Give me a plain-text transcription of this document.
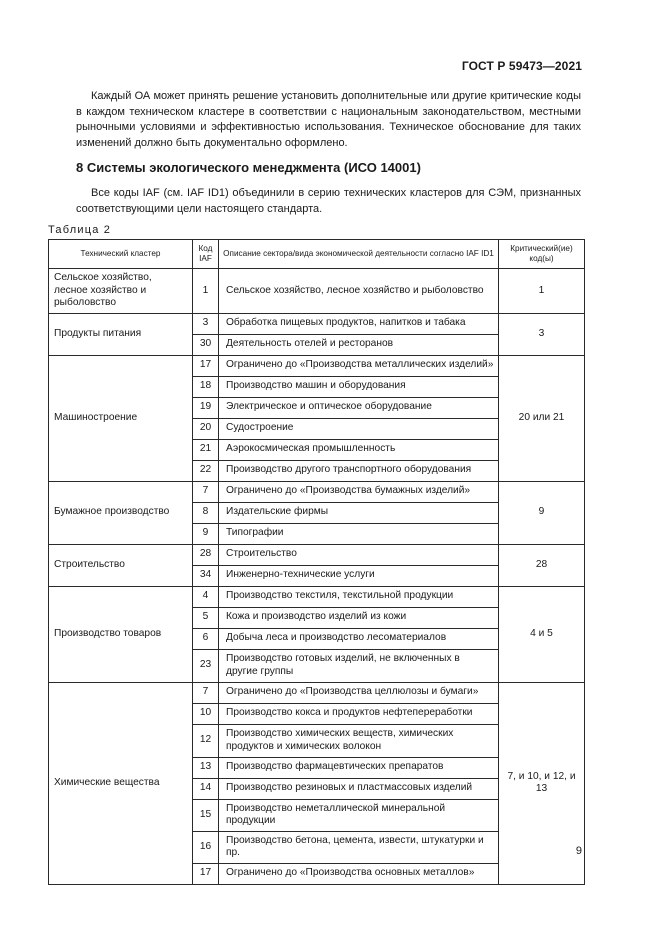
ГОСТ Р 59473—2021
Каждый ОА может принять решение установить дополнительные или другие критические коды в каждом техническом кластере в соответствии с национальным законодательством, местными рыночными условиями и эффективностью использования. Техническое обоснование для таких изменений должно быть документально оформлено.
8 Системы экологического менеджмента (ИСО 14001)
Все коды IAF (см. IAF ID1) объединили в серию технических кластеров для СЭМ, признанных соответствующими цели настоящего стандарта.
Таблица 2
Технический кластер	Код IAF	Описание сектора/вида экономической деятельности согласно IAF ID1	Критический(ие) код(ы)
Сельское хозяйство, лесное хозяйство и рыболовство	1	Сельское хозяйство, лесное хозяйство и рыболовство	1
Продукты питания	3	Обработка пищевых продуктов, напитков и табака	3
	30	Деятельность отелей и ресторанов	
Машиностроение	17	Ограничено до «Производства металлических изделий»	20 или 21
	18	Производство машин и оборудования	
	19	Электрическое и оптическое оборудование	
	20	Судостроение	
	21	Аэрокосмическая промышленность	
	22	Производство другого транспортного оборудования	
Бумажное производство	7	Ограничено до «Производства бумажных изделий»	9
	8	Издательские фирмы	
	9	Типографии	
Строительство	28	Строительство	28
	34	Инженерно-технические услуги	
Производство товаров	4	Производство текстиля, текстильной продукции	4 и 5
	5	Кожа и производство изделий из кожи	
	6	Добыча леса и производство лесоматериалов	
	23	Производство готовых изделий, не включенных в другие группы	
Химические вещества	7	Ограничено до «Производства целлюлозы и бумаги»	7, и 10, и 12, и 13
	10	Производство кокса и продуктов нефтепереработки	
	12	Производство химических веществ, химических продуктов и химических волокон	
	13	Производство фармацевтических препаратов	
	14	Производство резиновых и пластмассовых изделий	
	15	Производство неметаллической минеральной продукции	
	16	Производство бетона, цемента, извести, штукатурки и пр.	
	17	Ограничено до «Производства основных металлов»	
9
